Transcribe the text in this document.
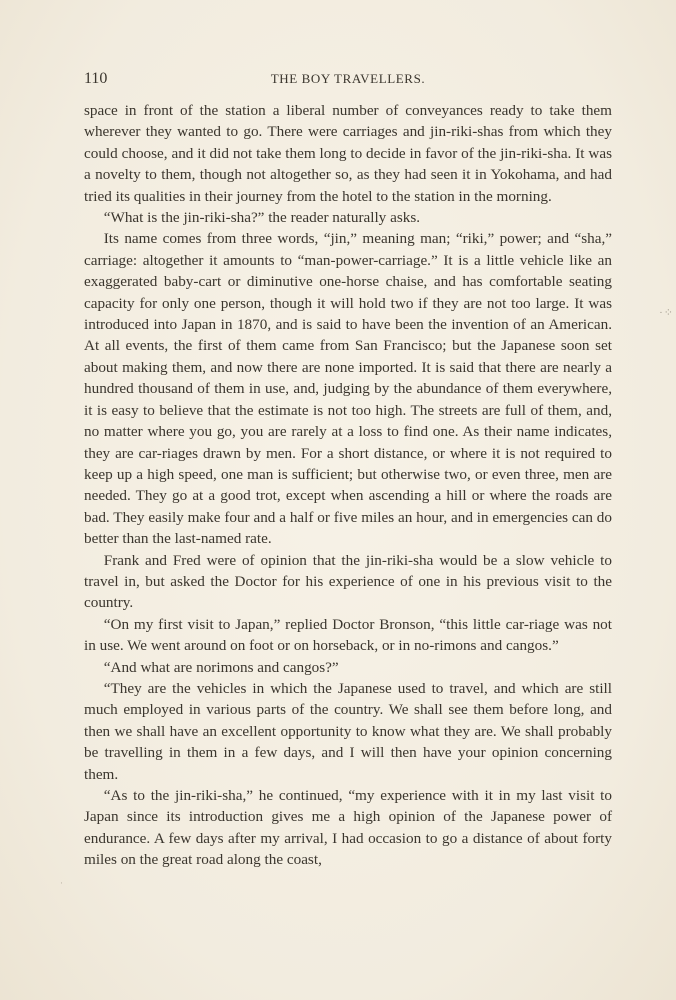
110	THE BOY TRAVELLERS.

space in front of the station a liberal number of conveyances ready to take them wherever they wanted to go. There were carriages and jin-riki-shas from which they could choose, and it did not take them long to decide in favor of the jin-riki-sha. It was a novelty to them, though not altogether so, as they had seen it in Yokohama, and had tried its qualities in their journey from the hotel to the station in the morning.

“What is the jin-riki-sha?” the reader naturally asks.

Its name comes from three words, “jin,” meaning man; “riki,” power; and “sha,” carriage: altogether it amounts to “man-power-carriage.” It is a little vehicle like an exaggerated baby-cart or diminutive one-horse chaise, and has comfortable seating capacity for only one person, though it will hold two if they are not too large. It was introduced into Japan in 1870, and is said to have been the invention of an American. At all events, the first of them came from San Francisco; but the Japanese soon set about making them, and now there are none imported. It is said that there are nearly a hundred thousand of them in use, and, judging by the abundance of them everywhere, it is easy to believe that the estimate is not too high. The streets are full of them, and, no matter where you go, you are rarely at a loss to find one. As their name indicates, they are car-riages drawn by men. For a short distance, or where it is not required to keep up a high speed, one man is sufficient; but otherwise two, or even three, men are needed. They go at a good trot, except when ascending a hill or where the roads are bad. They easily make four and a half or five miles an hour, and in emergencies can do better than the last-named rate.

Frank and Fred were of opinion that the jin-riki-sha would be a slow vehicle to travel in, but asked the Doctor for his experience of one in his previous visit to the country.

“On my first visit to Japan,” replied Doctor Bronson, “this little car-riage was not in use. We went around on foot or on horseback, or in no-rimons and cangos.”

“And what are norimons and cangos?”

“They are the vehicles in which the Japanese used to travel, and which are still much employed in various parts of the country. We shall see them before long, and then we shall have an excellent opportunity to know what they are. We shall probably be travelling in them in a few days, and I will then have your opinion concerning them.

“As to the jin-riki-sha,” he continued, “my experience with it in my last visit to Japan since its introduction gives me a high opinion of the Japanese power of endurance. A few days after my arrival, I had occasion to go a distance of about forty miles on the great road along the coast,

·⁘
·
